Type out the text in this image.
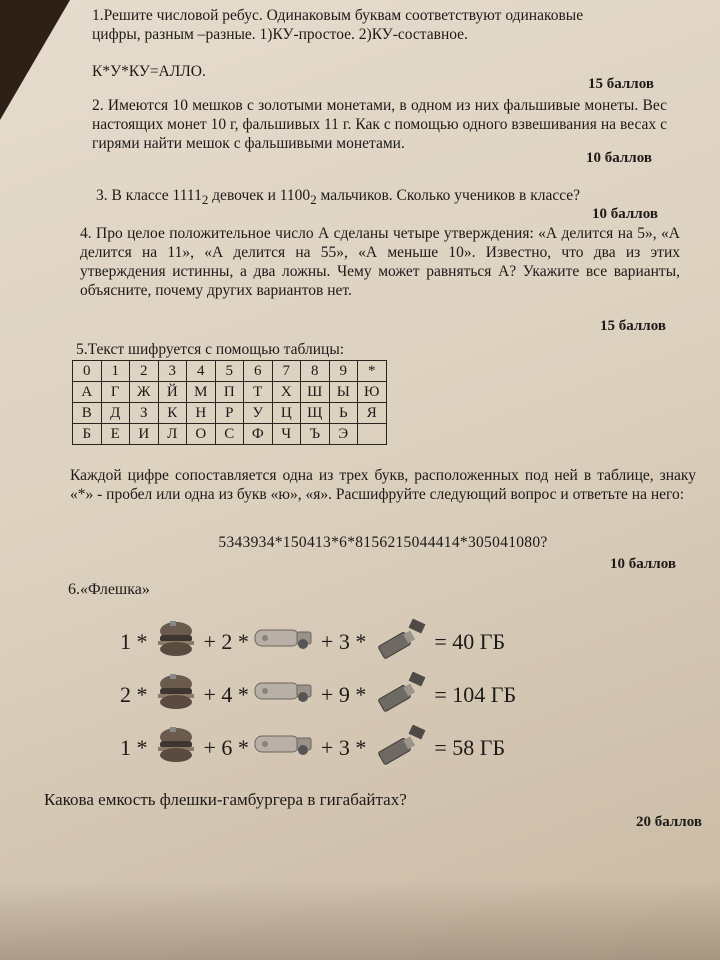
1.Решите числовой ребус. Одинаковым буквам соответствуют одинаковые
цифры, разным –разные. 1)КУ-простое. 2)КУ-составное.
К*У*КУ=АЛЛО.
15 баллов
2. Имеются 10 мешков с золотыми монетами, в одном из них фальшивые монеты. Вес настоящих монет 10 г, фальшивых 11 г. Как с помощью одного взвешивания на весах с гирями найти мешок с фальшивыми монетами.
10 баллов
3. В классе $1111_2$ девочек и $1100_2$ мальчиков. Сколько учеников в классе?
10 баллов
4. Про целое положительное число А сделаны четыре утверждения: «А делится на 5», «А делится на 11», «А делится на 55», «А меньше 10». Известно, что два из этих утверждения истинны, а два ложны. Чему может равняться А? Укажите все варианты, объясните, почему других вариантов нет.
15 баллов
5.Текст шифруется с помощью таблицы:
0	1	2	3	4	5	6	7	8	9	*
А	Г	Ж	Й	М	П	Т	Х	Ш	Ы	Ю
В	Д	З	К	Н	Р	У	Ц	Щ	Ь	Я
Б	Е	И	Л	О	С	Ф	Ч	Ъ	Э	
Каждой цифре сопоставляется одна из трех букв, расположенных под ней в таблице, знаку «*» - пробел или одна из букв «ю», «я». Расшифруйте следующий вопрос и ответьте на него:
5343934*150413*6*8156215044414*305041080?
10 баллов
6.«Флешка»
1 *	+ 2 *	+ 3 *	= 40 ГБ
2 *	+ 4 *	+ 9 *	= 104 ГБ
1 *	+ 6 *	+ 3 *	= 58 ГБ
Какова емкость флешки-гамбургера в гигабайтах?
20 баллов
